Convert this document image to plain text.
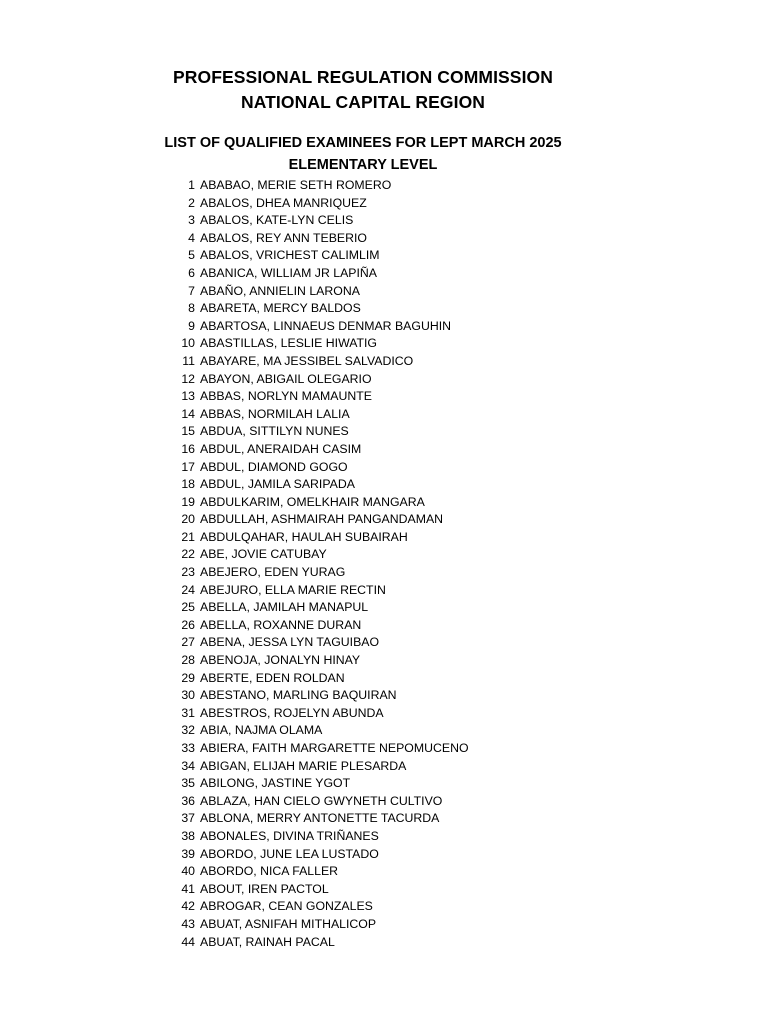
PROFESSIONAL REGULATION COMMISSION
NATIONAL CAPITAL REGION
LIST OF QUALIFIED EXAMINEES FOR LEPT MARCH 2025
ELEMENTARY LEVEL
1 ABABAO, MERIE SETH ROMERO
2 ABALOS, DHEA MANRIQUEZ
3 ABALOS, KATE-LYN CELIS
4 ABALOS, REY ANN TEBERIO
5 ABALOS, VRICHEST CALIMLIM
6 ABANICA, WILLIAM JR LAPIÑA
7 ABAÑO, ANNIELIN LARONA
8 ABARETA, MERCY BALDOS
9 ABARTOSA, LINNAEUS DENMAR BAGUHIN
10 ABASTILLAS, LESLIE HIWATIG
11 ABAYARE, MA JESSIBEL SALVADICO
12 ABAYON, ABIGAIL OLEGARIO
13 ABBAS, NORLYN MAMAUNTE
14 ABBAS, NORMILAH LALIA
15 ABDUA, SITTILYN NUNES
16 ABDUL, ANERAIDAH CASIM
17 ABDUL, DIAMOND GOGO
18 ABDUL, JAMILA SARIPADA
19 ABDULKARIM, OMELKHAIR MANGARA
20 ABDULLAH, ASHMAIRAH PANGANDAMAN
21 ABDULQAHAR, HAULAH SUBAIRAH
22 ABE, JOVIE CATUBAY
23 ABEJERO, EDEN YURAG
24 ABEJURO, ELLA MARIE RECTIN
25 ABELLA, JAMILAH MANAPUL
26 ABELLA, ROXANNE DURAN
27 ABENA, JESSA LYN TAGUIBAO
28 ABENOJA, JONALYN HINAY
29 ABERTE, EDEN ROLDAN
30 ABESTANO, MARLING BAQUIRAN
31 ABESTROS, ROJELYN ABUNDA
32 ABIA, NAJMA OLAMA
33 ABIERA, FAITH MARGARETTE NEPOMUCENO
34 ABIGAN, ELIJAH MARIE PLESARDA
35 ABILONG, JASTINE YGOT
36 ABLAZA, HAN CIELO GWYNETH CULTIVO
37 ABLONA, MERRY ANTONETTE TACURDA
38 ABONALES, DIVINA TRIÑANES
39 ABORDO, JUNE LEA LUSTADO
40 ABORDO, NICA FALLER
41 ABOUT, IREN PACTOL
42 ABROGAR, CEAN GONZALES
43 ABUAT, ASNIFAH MITHALICOP
44 ABUAT, RAINAH PACAL
